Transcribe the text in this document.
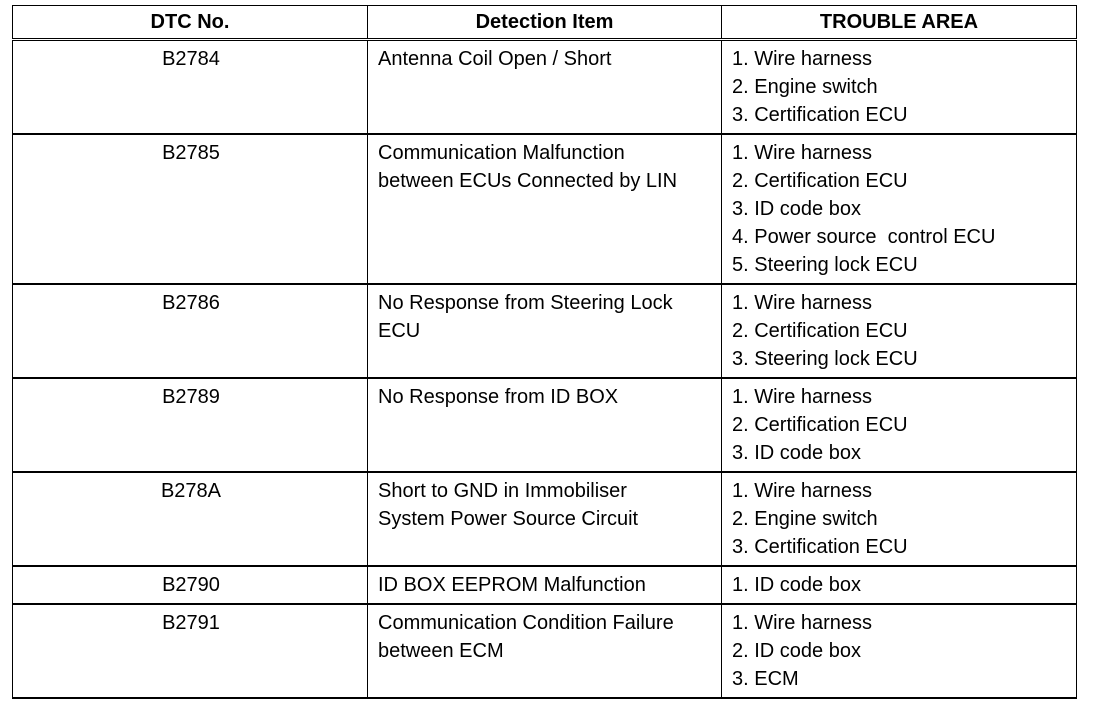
DTC No.	Detection Item	TROUBLE AREA
B2784	Antenna Coil Open / Short	1. Wire harness
2. Engine switch
3. Certification ECU

B2785	Communication Malfunction
between ECUs Connected by LIN	1. Wire harness
2. Certification ECU
3. ID code box
4. Power source  control ECU
5. Steering lock ECU

B2786	No Response from Steering Lock
ECU	1. Wire harness
2. Certification ECU
3. Steering lock ECU

B2789	No Response from ID BOX	1. Wire harness
2. Certification ECU
3. ID code box

B278A	Short to GND in Immobiliser
System Power Source Circuit	1. Wire harness
2. Engine switch
3. Certification ECU

B2790	ID BOX EEPROM Malfunction	1. ID code box

B2791	Communication Condition Failure
between ECM	1. Wire harness
2. ID code box
3. ECM
